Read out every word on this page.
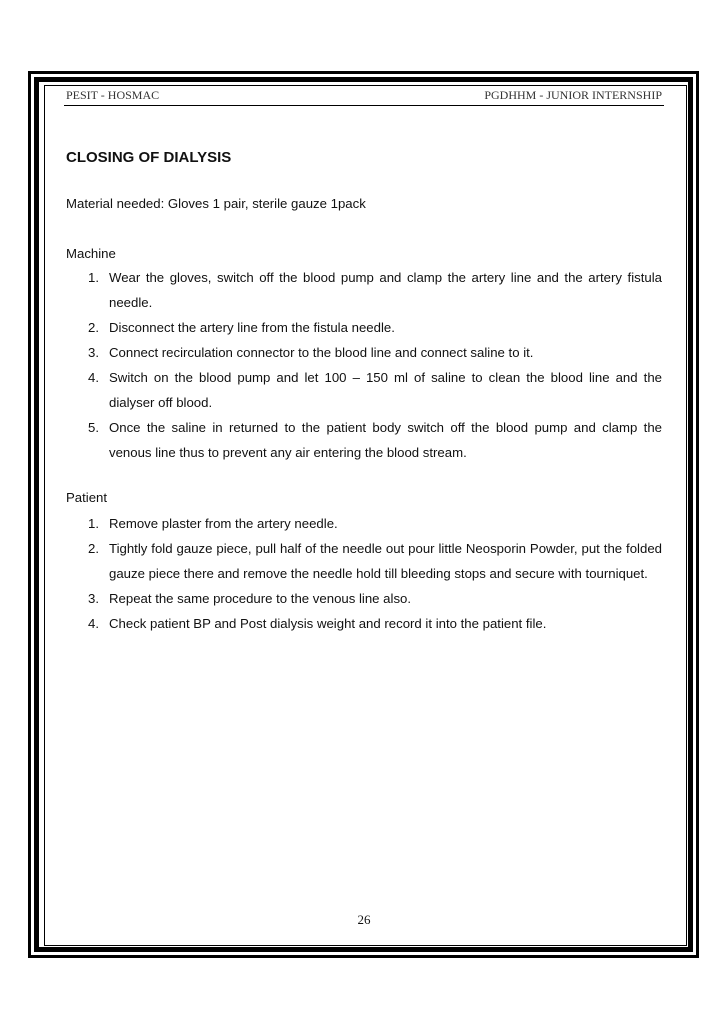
PESIT - HOSMAC	PGDHHM - JUNIOR INTERNSHIP
CLOSING OF DIALYSIS
Material needed: Gloves 1 pair, sterile gauze 1pack
Machine
1. Wear the gloves, switch off the blood pump and clamp the artery line and the artery fistula needle.
2. Disconnect the artery line from the fistula needle.
3. Connect recirculation connector to the blood line and connect saline to it.
4. Switch on the blood pump and let 100 – 150 ml of saline to clean the blood line and the dialyser off blood.
5. Once the saline in returned to the patient body switch off the blood pump and clamp the venous line thus to prevent any air entering the blood stream.
Patient
1. Remove plaster from the artery needle.
2. Tightly fold gauze piece, pull half of the needle out pour little Neosporin Powder, put the folded gauze piece there and remove the needle hold till bleeding stops and secure with tourniquet.
3. Repeat the same procedure to the venous line also.
4. Check patient BP and Post dialysis weight and record it into the patient file.
26
